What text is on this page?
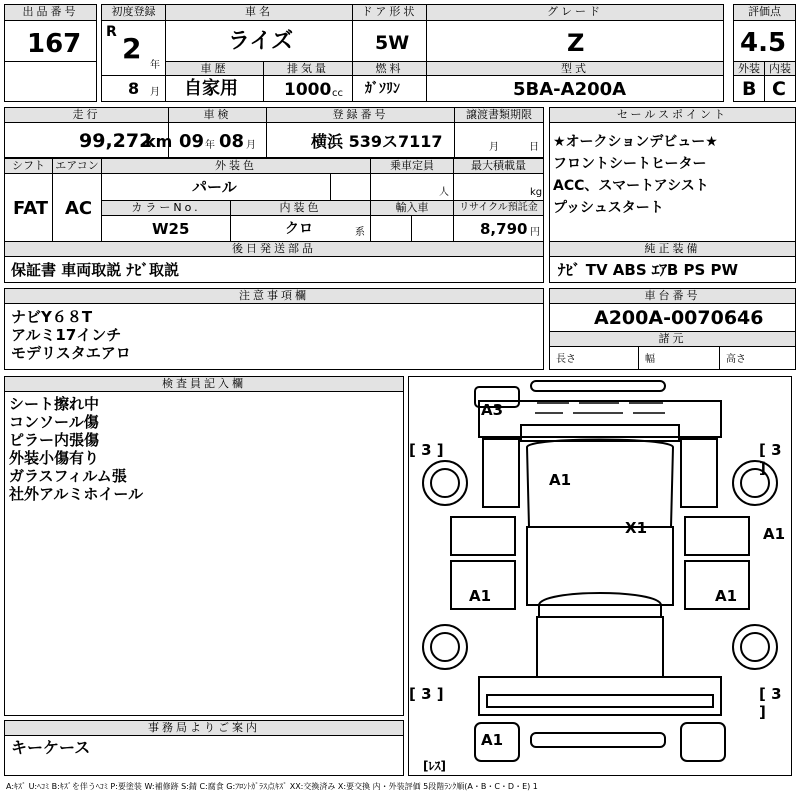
出品番号
167
初度登録
R 2
年
8 月
車名
ライズ
車歴
自家用
排気量
1000 cc
ドア形状
5W
燃料
ｶﾞｿﾘﾝ
グレード
Z
型式
5BA-A200A
評価点
4.5
外装 内装
B C
走行
99,272
km
車検
09 年 08 月
登録番号
横浜 539ス7117
譲渡書類期限
月	日
シフト
FAT
エアコン
AC
外装色
パール
乗車定員
人
最大積載量
kg
カラーNo.
W25
内装色
クロ	系
輸入車	リサイクル預託金
8,790 円
後日発送部品
保証書 車両取説 ﾅﾋﾞ取説
セールスポイント
★オークションデビュー★
フロントシートヒーター
ACC、スマートアシスト
プッシュスタート
純正装備
ﾅﾋﾞ TV ABS ｴｱB PS PW
注意事項欄
ナビY６８T
アルミ17インチ
モデリスタエアロ
車台番号
A200A-0070646
諸元
長さ	幅	高さ
検査員記入欄
シート擦れ中
コンソール傷
ピラー内張傷
外装小傷有り
ガラスフィルム張
社外アルミホイール
事務局よりご案内
キーケース
A3
A1
X1
A1	A1
A1
A1
[ 3 ]	[ 3 ]
[ 3 ]	[ 3 ]
[ﾚｽ]
A:ｷｽﾞ U:ﾍｺﾐ B:ｷｽﾞを伴うﾍｺﾐ P:要塗装 W:補修跡 S:錆 C:腐食 G:ﾌﾛﾝﾄｶﾞﾗｽ点ｷｽﾞ XX:交換済み X:要交換 内・外装評価 5段階ﾗﾝｸ順(A・B・C・D・E) 1
